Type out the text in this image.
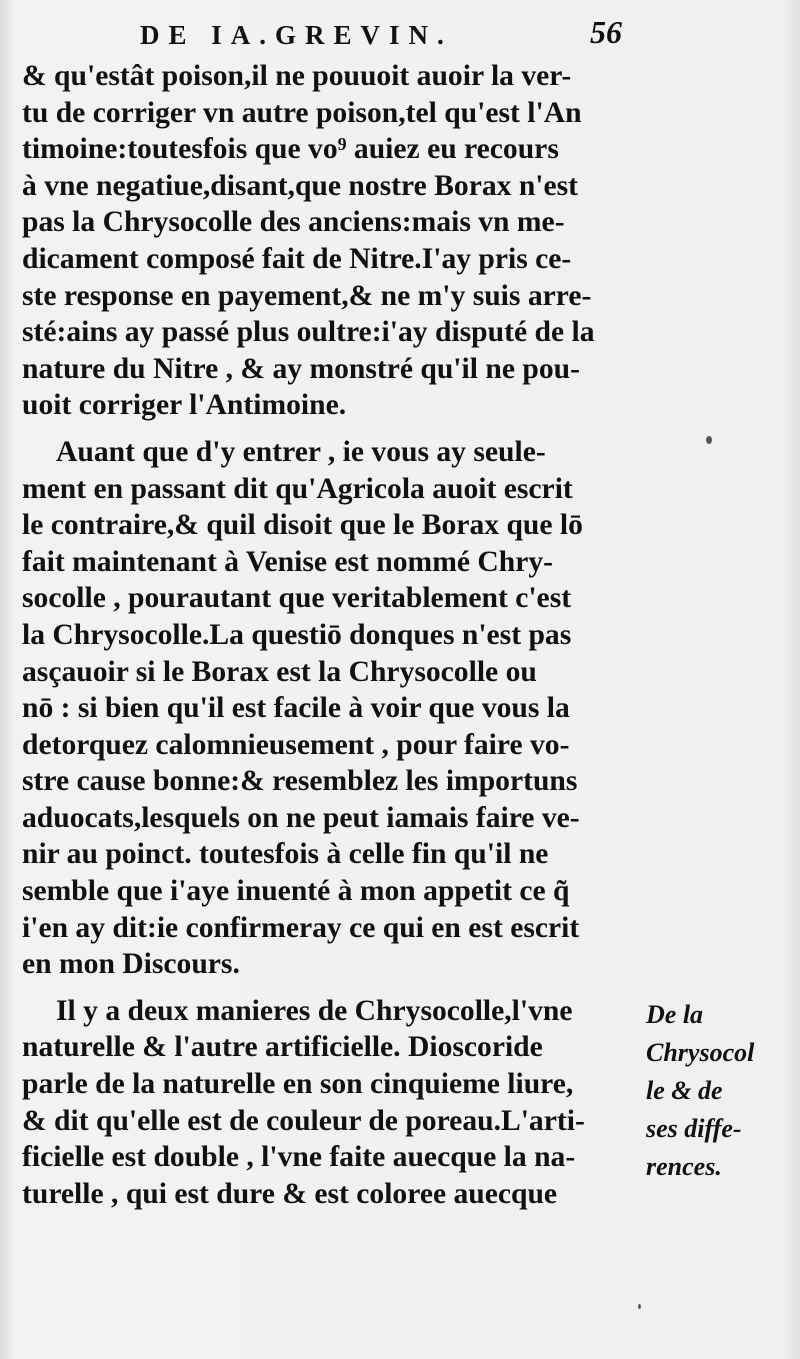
DE IA.GREVIN.	56
& qu'estât poison,il ne pouuoit auoir la ver-
tu de corriger vn autre poison,tel qu'est l'An
timoine:toutesfois que vo⁹ auiez eu recours
à vne negatiue,disant,que nostre Borax n'est
pas la Chrysocolle des anciens:mais vn me-
dicament composé fait de Nitre.I'ay pris ce-
ste response en payement,& ne m'y suis arre-
sté:ains ay passé plus oultre:i'ay disputé de la
nature du Nitre , & ay monstré qu'il ne pou-
uoit corriger l'Antimoine.
Auant que d'y entrer , ie vous ay seule-
ment en passant dit qu'Agricola auoit escrit
le contraire,& quil disoit que le Borax que lō
fait maintenant à Venise est nommé Chry-
socolle , pourautant que veritablement c'est
la Chrysocolle.La questiō donques n'est pas
asçauoir si le Borax est la Chrysocolle ou
nō : si bien qu'il est facile à voir que vous la
detorquez calomnieusement , pour faire vo-
stre cause bonne:& resemblez les importuns
aduocats,lesquels on ne peut iamais faire ve-
nir au poinct. toutesfois à celle fin qu'il ne
semble que i'aye inuenté à mon appetit ce q̃
i'en ay dit:ie confirmeray ce qui en est escrit
en mon Discours.
Il y a deux manieres de Chrysocolle,l'vne
naturelle & l'autre artificielle. Dioscoride
parle de la naturelle en son cinquieme liure,
& dit qu'elle est de couleur de poreau.L'arti-
ficielle est double , l'vne faite auecque la na-
turelle , qui est dure & est coloree auecque
De la
Chrysocol
le & de
ses diffe-
rences.
